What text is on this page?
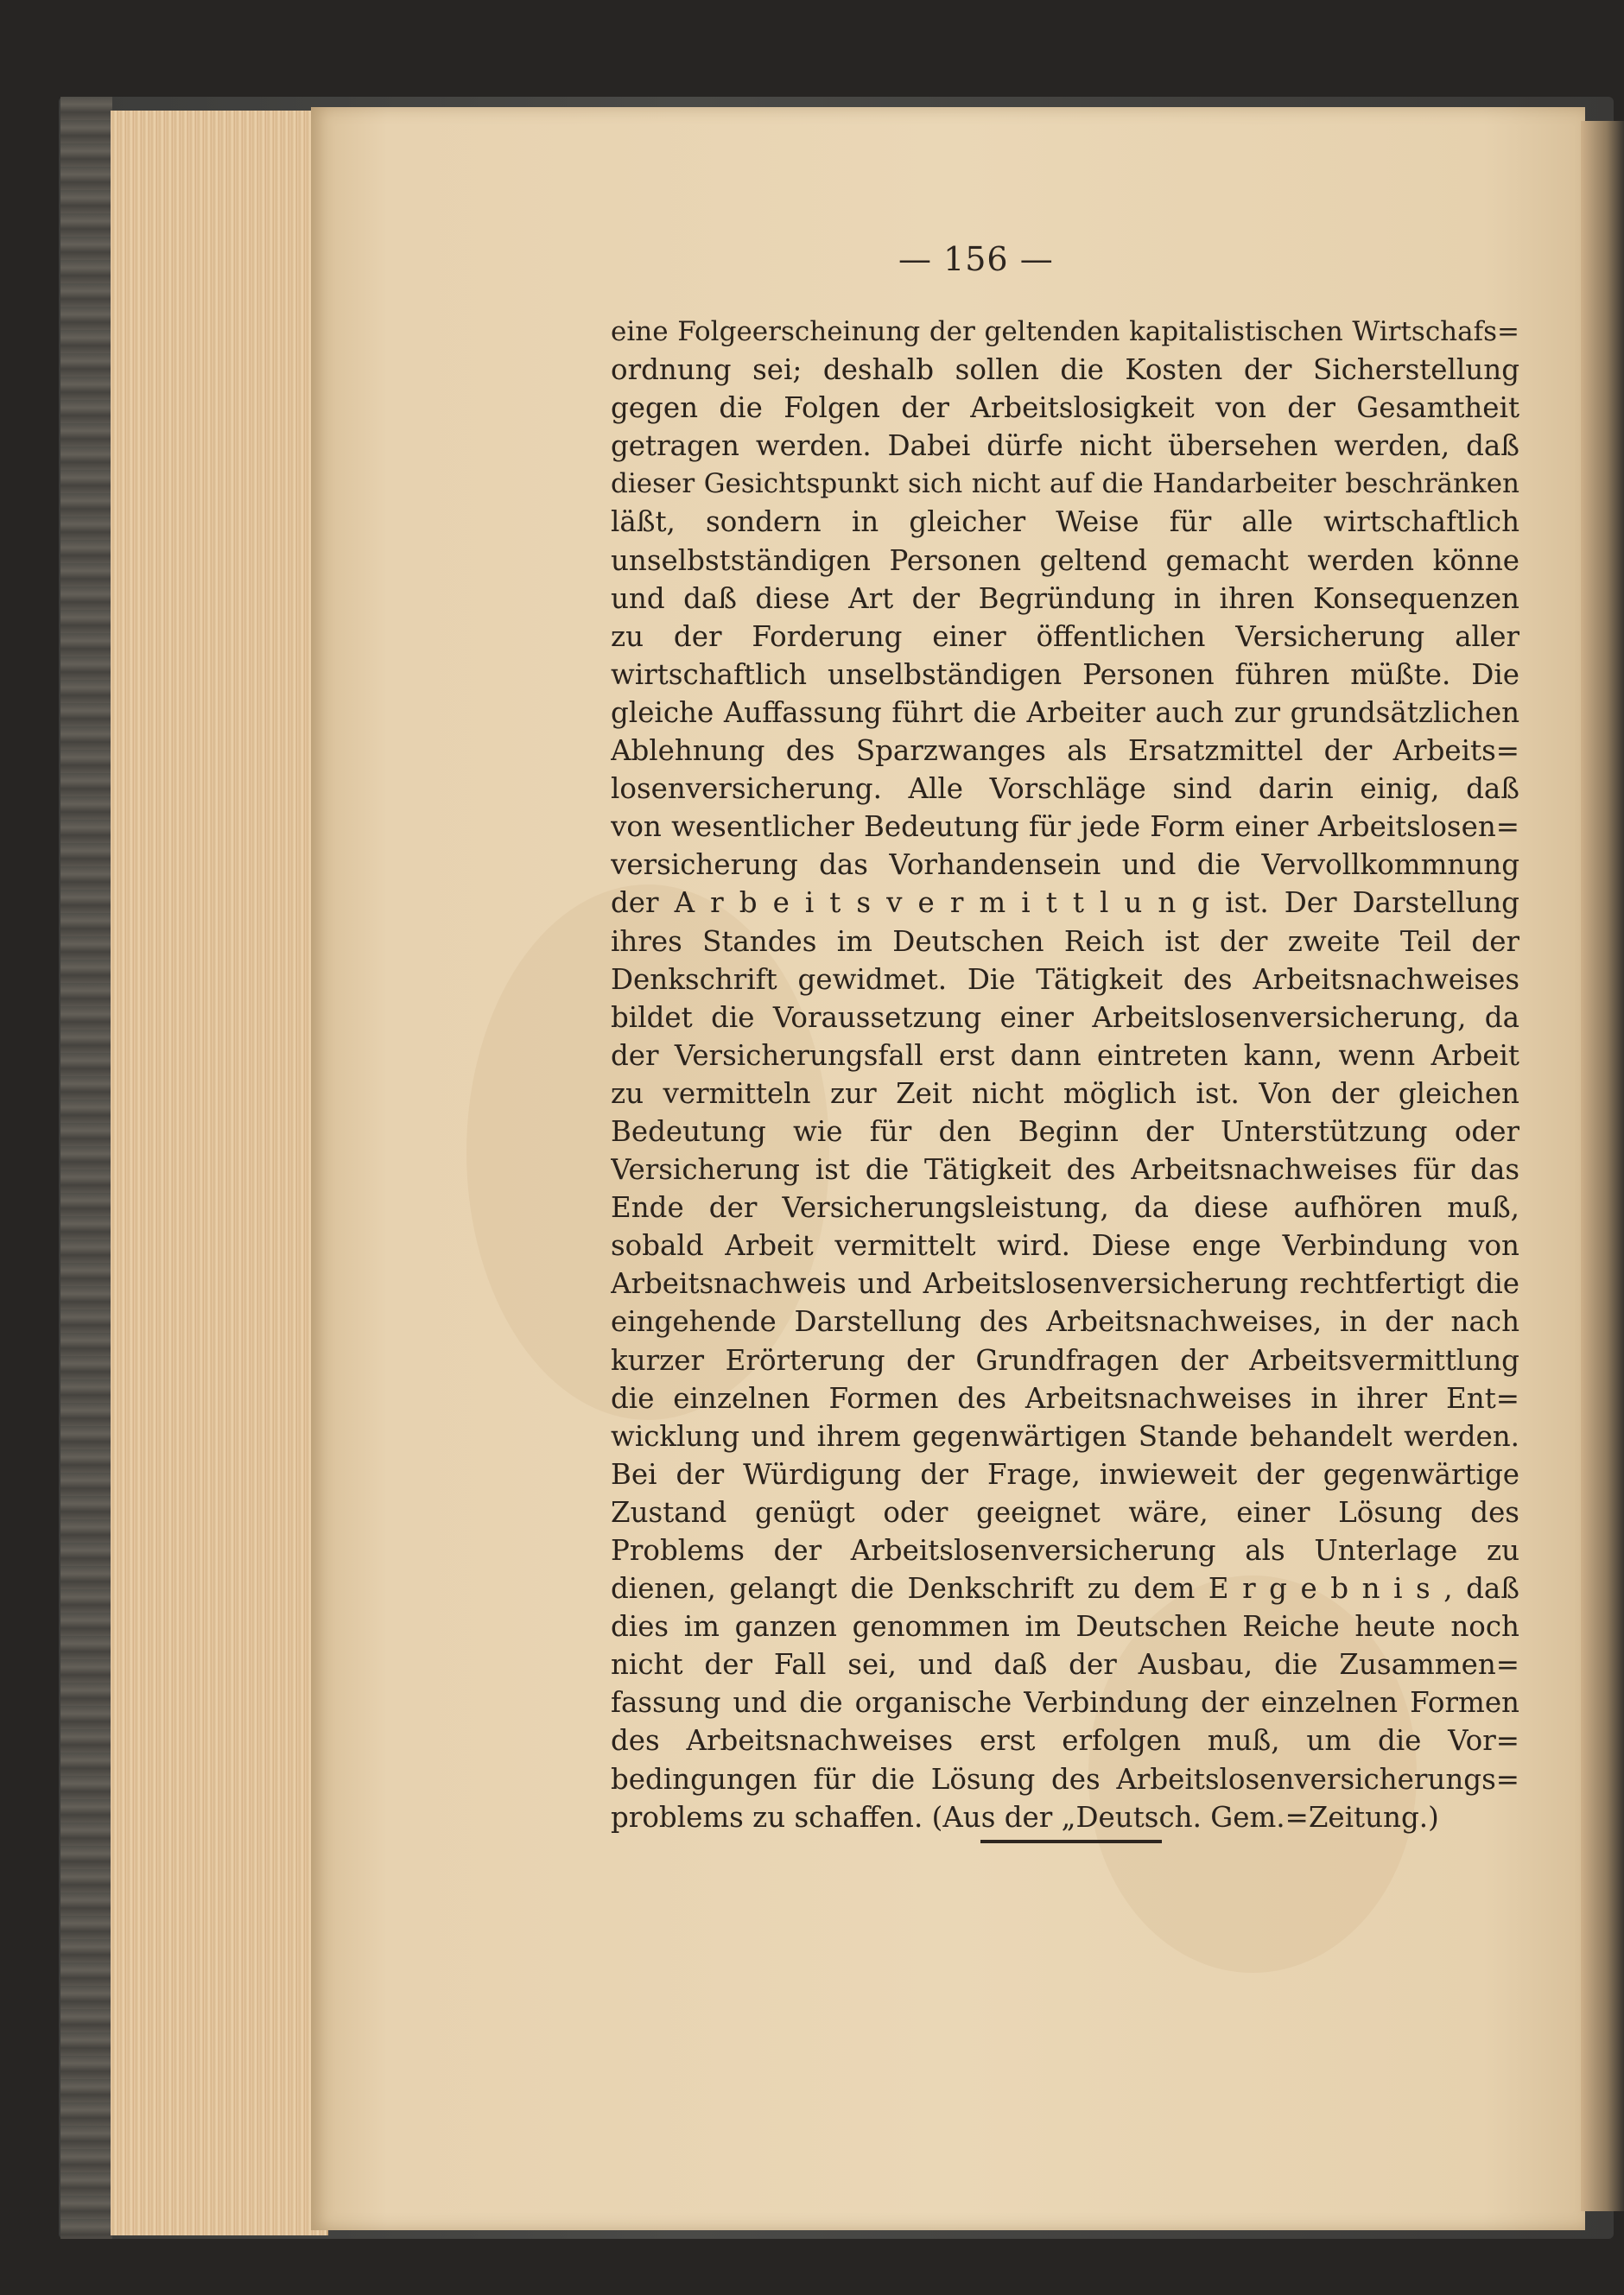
— 156 —
eine Folgeerscheinung der geltenden kapitalistischen Wirtschafs=
ordnung sei; deshalb sollen die Kosten der Sicherstellung
gegen die Folgen der Arbeitslosigkeit von der Gesamtheit
getragen werden. Dabei dürfe nicht übersehen werden, daß
dieser Gesichtspunkt sich nicht auf die Handarbeiter beschränken
läßt, sondern in gleicher Weise für alle wirtschaftlich
unselbstständigen Personen geltend gemacht werden könne
und daß diese Art der Begründung in ihren Konsequenzen
zu der Forderung einer öffentlichen Versicherung aller
wirtschaftlich unselbständigen Personen führen müßte. Die
gleiche Auffassung führt die Arbeiter auch zur grundsätzlichen
Ablehnung des Sparzwanges als Ersatzmittel der Arbeits=
losenversicherung. Alle Vorschläge sind darin einig, daß
von wesentlicher Bedeutung für jede Form einer Arbeitslosen=
versicherung das Vorhandensein und die Vervollkommnung
der A r b e i t s v e r m i t t l u n g ist. Der Darstellung
ihres Standes im Deutschen Reich ist der zweite Teil der
Denkschrift gewidmet. Die Tätigkeit des Arbeitsnachweises
bildet die Voraussetzung einer Arbeitslosenversicherung, da
der Versicherungsfall erst dann eintreten kann, wenn Arbeit
zu vermitteln zur Zeit nicht möglich ist. Von der gleichen
Bedeutung wie für den Beginn der Unterstützung oder
Versicherung ist die Tätigkeit des Arbeitsnachweises für das
Ende der Versicherungsleistung, da diese aufhören muß,
sobald Arbeit vermittelt wird. Diese enge Verbindung von
Arbeitsnachweis und Arbeitslosenversicherung rechtfertigt die
eingehende Darstellung des Arbeitsnachweises, in der nach
kurzer Erörterung der Grundfragen der Arbeitsvermittlung
die einzelnen Formen des Arbeitsnachweises in ihrer Ent=
wicklung und ihrem gegenwärtigen Stande behandelt werden.
Bei der Würdigung der Frage, inwieweit der gegenwärtige
Zustand genügt oder geeignet wäre, einer Lösung des
Problems der Arbeitslosenversicherung als Unterlage zu
dienen, gelangt die Denkschrift zu dem E r g e b n i s , daß
dies im ganzen genommen im Deutschen Reiche heute noch
nicht der Fall sei, und daß der Ausbau, die Zusammen=
fassung und die organische Verbindung der einzelnen Formen
des Arbeitsnachweises erst erfolgen muß, um die Vor=
bedingungen für die Lösung des Arbeitslosenversicherungs=
problems zu schaffen. (Aus der „Deutsch. Gem.=Zeitung.)
